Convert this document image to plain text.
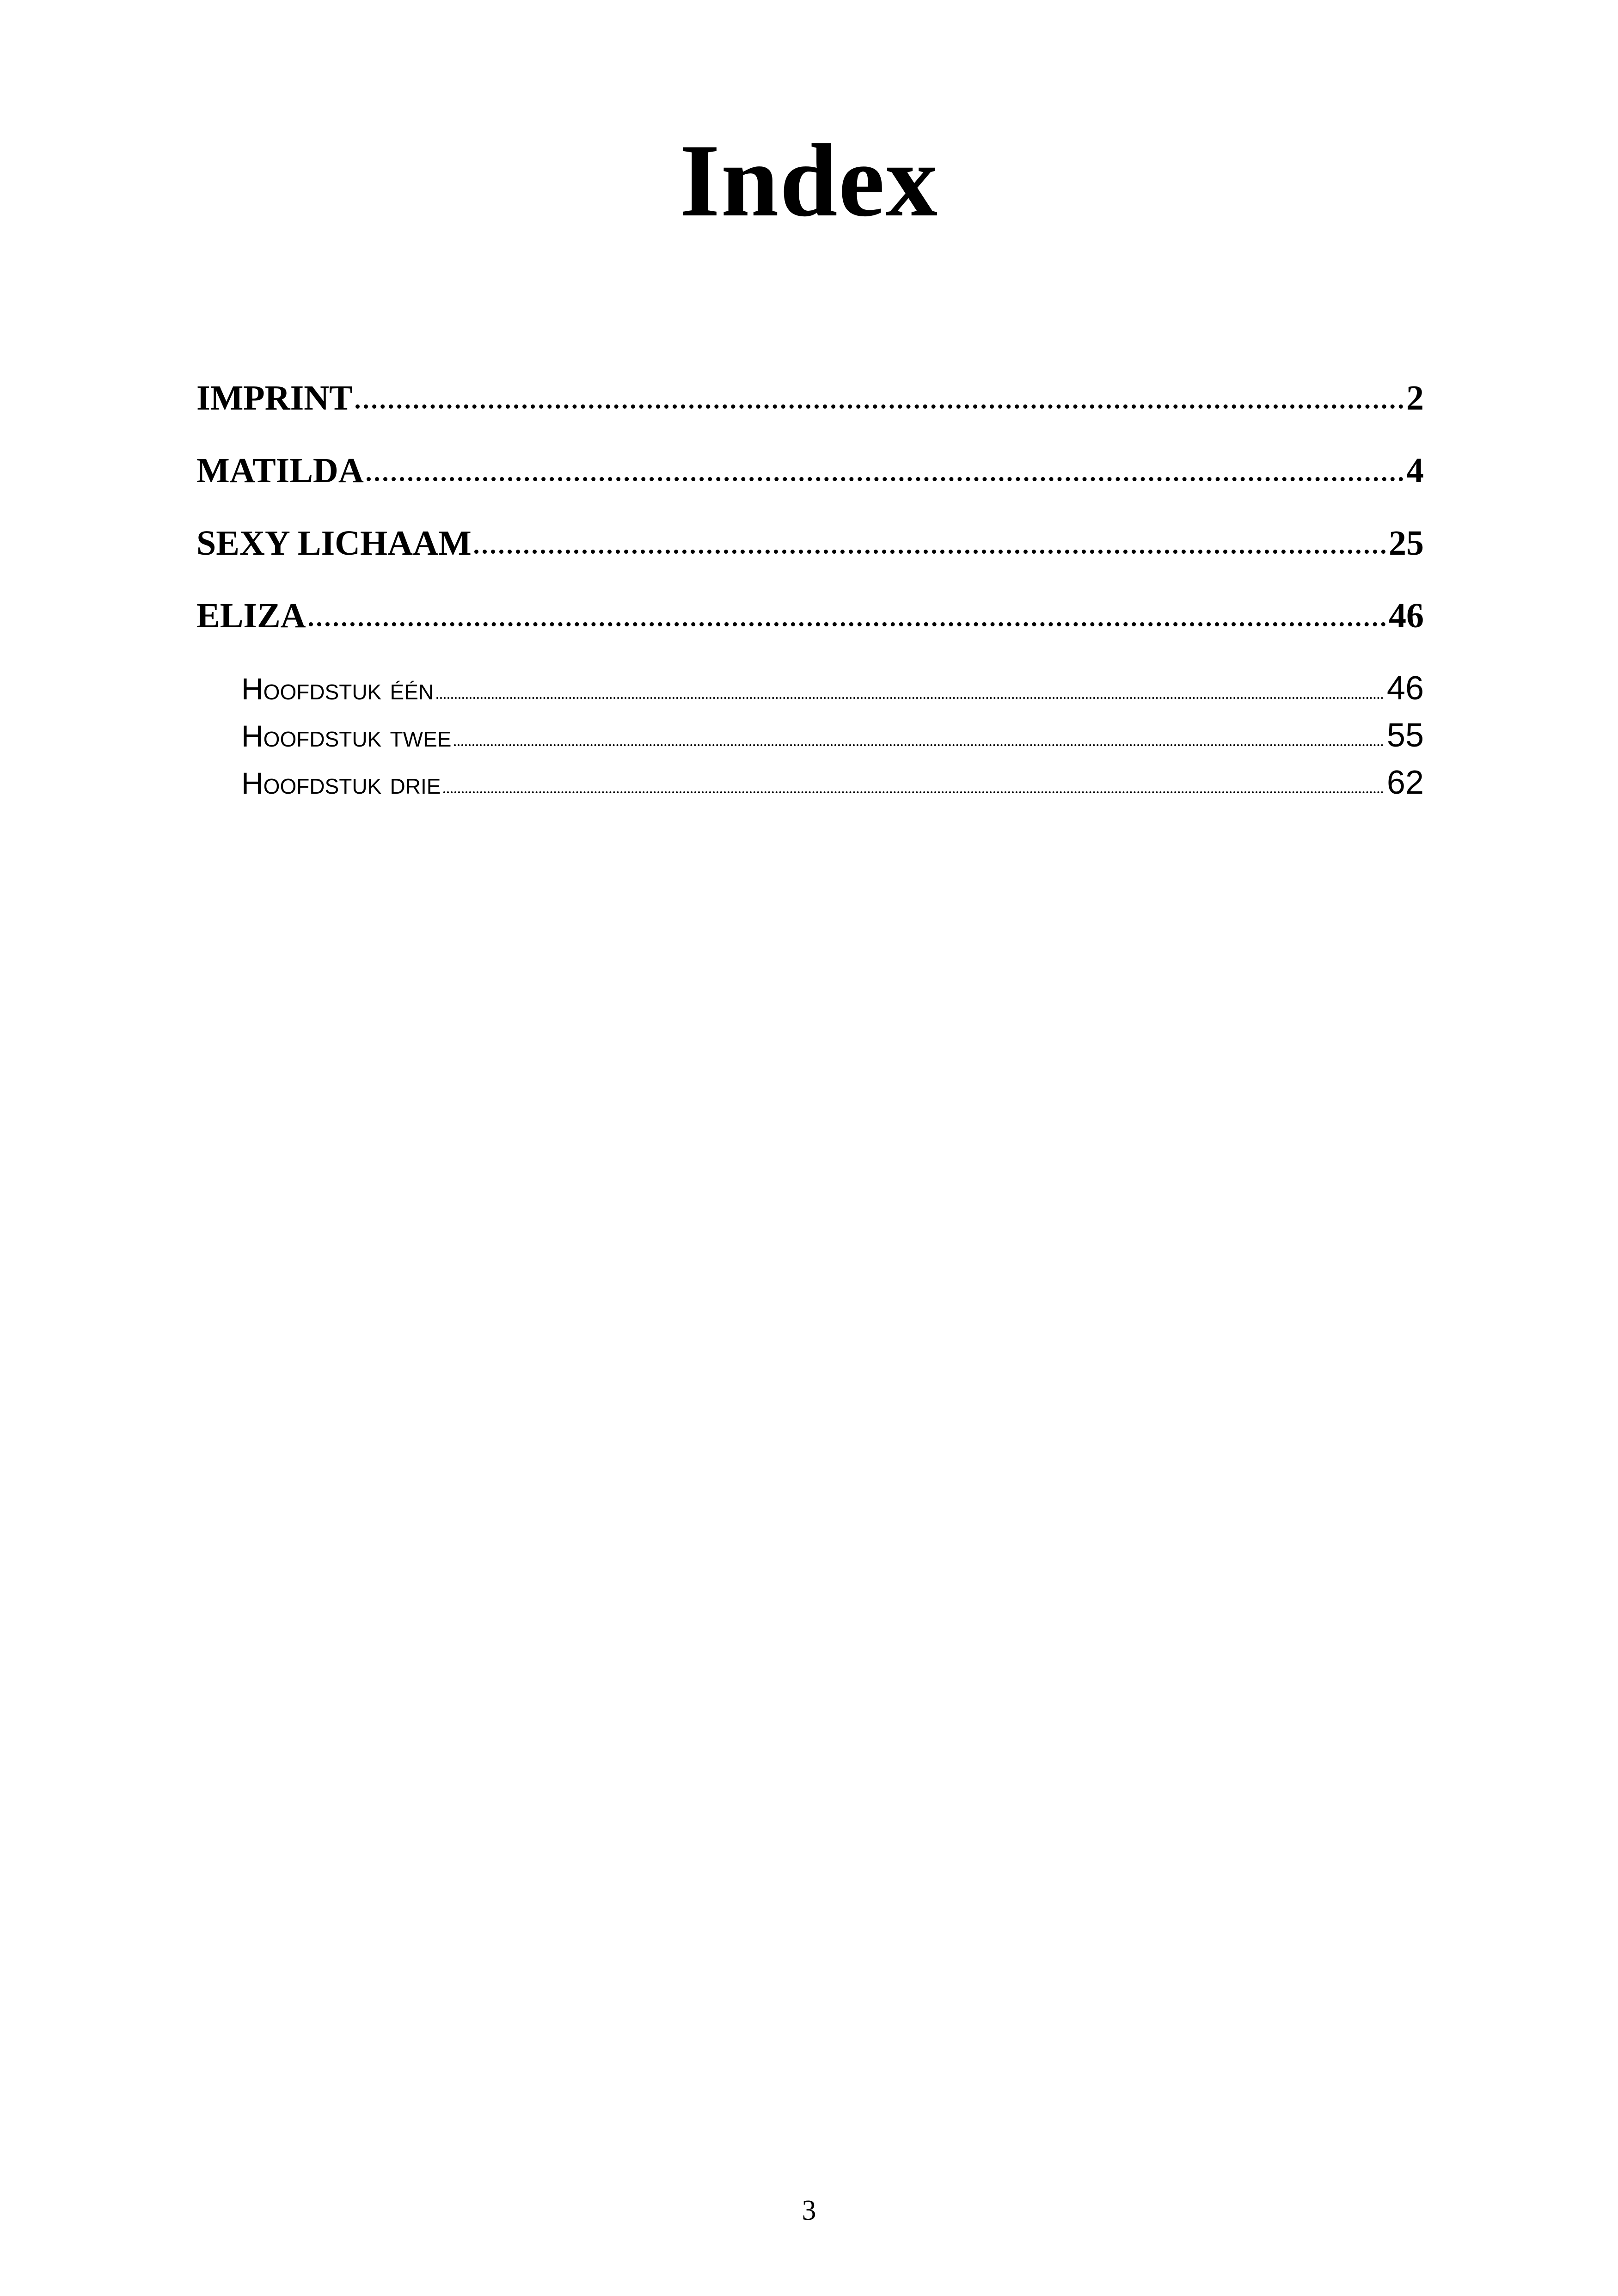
Index
IMPRINT	2
MATILDA	4
SEXY LICHAAM	25
ELIZA	46
Hoofdstuk één	46
Hoofdstuk twee	55
Hoofdstuk drie	62
3
